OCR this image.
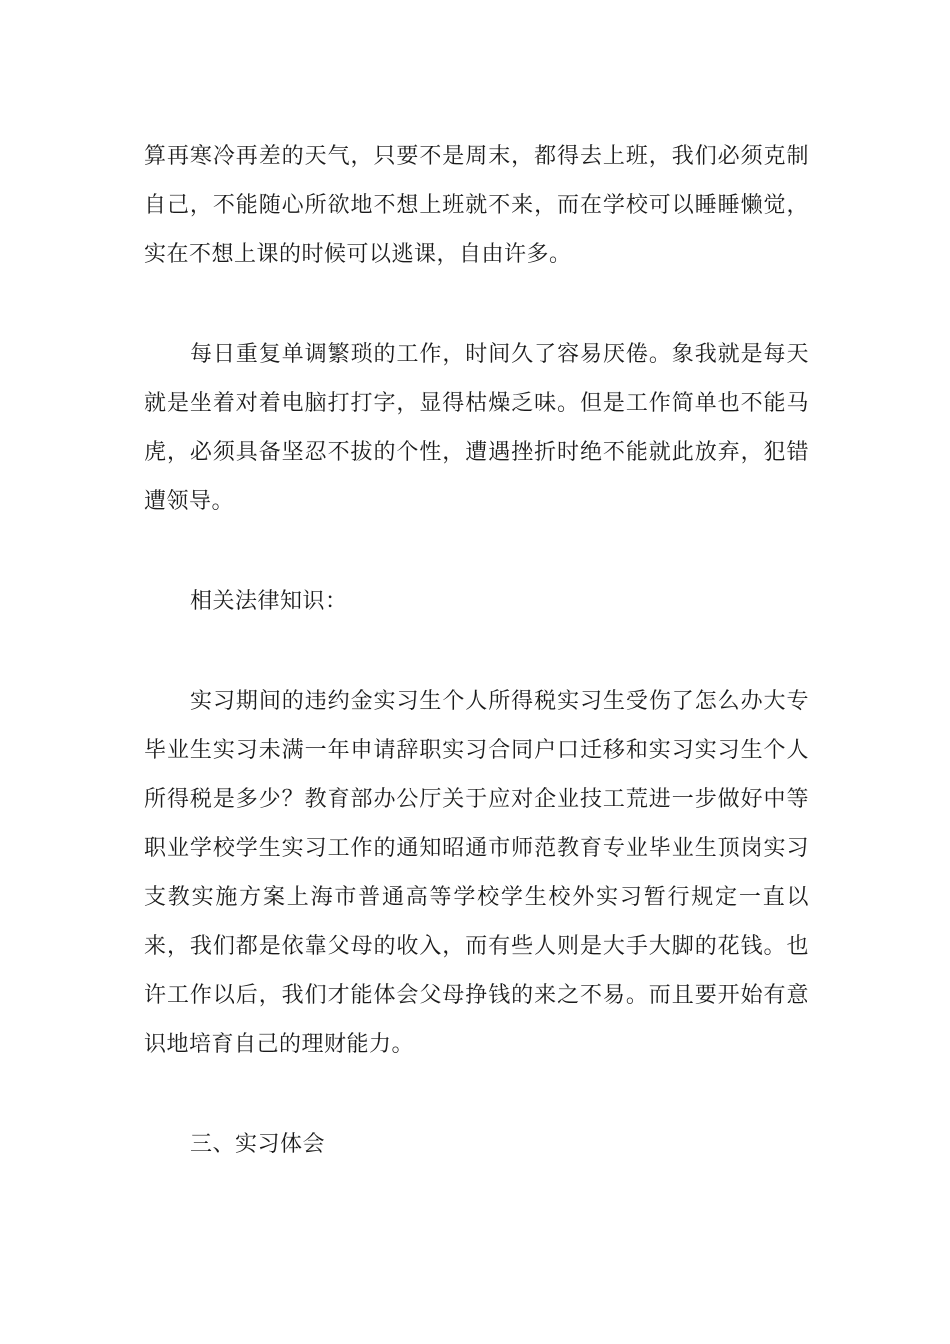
算再寒冷再差的天气，只要不是周末，都得去上班，我们必须克制自己，不能随心所欲地不想上班就不来，而在学校可以睡睡懒觉，实在不想上课的时候可以逃课，自由许多。

每日重复单调繁琐的工作，时间久了容易厌倦。象我就是每天就是坐着对着电脑打打字，显得枯燥乏味。但是工作简单也不能马虎，必须具备坚忍不拔的个性，遭遇挫折时绝不能就此放弃，犯错遭领导。

相关法律知识：

实习期间的违约金实习生个人所得税实习生受伤了怎么办大专毕业生实习未满一年申请辞职实习合同户口迁移和实习实习生个人所得税是多少？教育部办公厅关于应对企业技工荒进一步做好中等职业学校学生实习工作的通知昭通市师范教育专业毕业生顶岗实习支教实施方案上海市普通高等学校学生校外实习暂行规定一直以来，我们都是依靠父母的收入，而有些人则是大手大脚的花钱。也许工作以后，我们才能体会父母挣钱的来之不易。而且要开始有意识地培育自己的理财能力。

三、实习体会
